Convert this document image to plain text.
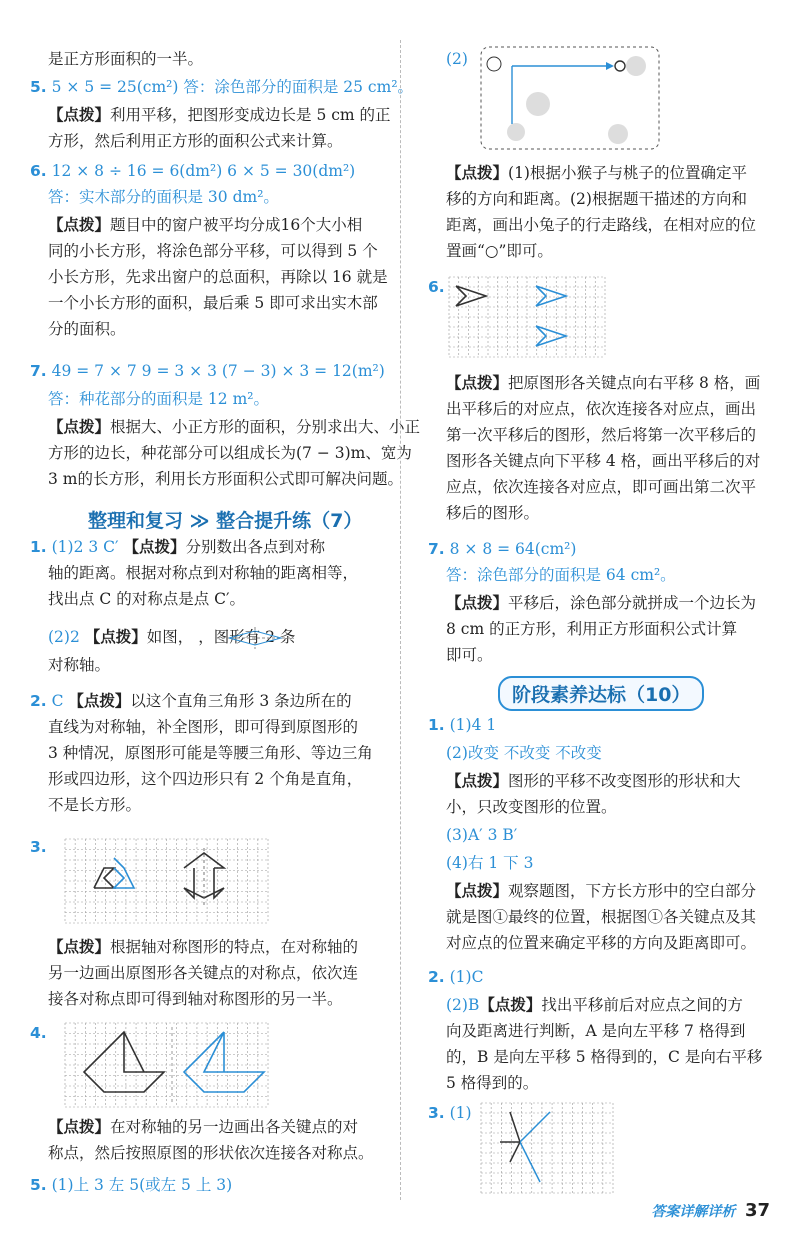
是正方形面积的一半。
5. 5 × 5 = 25(cm²) 答：涂色部分的面积是 25 cm²。
【点拨】利用平移，把图形变成边长是 5 cm 的正
方形，然后利用正方形的面积公式来计算。
6. 12 × 8 ÷ 16 = 6(dm²) 6 × 5 = 30(dm²)
答：实木部分的面积是 30 dm²。
【点拨】题目中的窗户被平均分成16个大小相
同的小长方形，将涂色部分平移，可以得到 5 个
小长方形，先求出窗户的总面积，再除以 16 就是
一个小长方形的面积，最后乘 5 即可求出实木部
分的面积。
7. 49 = 7 × 7 9 = 3 × 3 (7 − 3) × 3 = 12(m²)
答：种花部分的面积是 12 m²。
【点拨】根据大、小正方形的面积，分别求出大、小正
方形的边长，种花部分可以组成长为(7 − 3)m、宽为
3 m的长方形，利用长方形面积公式即可解决问题。
1. (1)2 3 C′ 【点拨】分别数出各点到对称
轴的距离。根据对称点到对称轴的距离相等，
找出点 C 的对称点是点 C′。
(2)2 【点拨】如图， ，图形有 2 条
对称轴。
2. C 【点拨】以这个直角三角形 3 条边所在的
直线为对称轴，补全图形，即可得到原图形的
3 种情况，原图形可能是等腰三角形、等边三角
形或四边形，这个四边形只有 2 个角是直角，
不是长方形。
3.
【点拨】根据轴对称图形的特点，在对称轴的
另一边画出原图形各关键点的对称点，依次连
接各对称点即可得到轴对称图形的另一半。
4.
【点拨】在对称轴的另一边画出各关键点的对
称点，然后按照原图的形状依次连接各对称点。
5. (1)上 3 左 5(或左 5 上 3)
(2)
【点拨】(1)根据小猴子与桃子的位置确定平
移的方向和距离。(2)根据题干描述的方向和
距离，画出小兔子的行走路线，在相对应的位
置画“○”即可。
6.
【点拨】把原图形各关键点向右平移 8 格，画
出平移后的对应点，依次连接各对应点，画出
第一次平移后的图形，然后将第一次平移后的
图形各关键点向下平移 4 格，画出平移后的对
应点，依次连接各对应点，即可画出第二次平
移后的图形。
7. 8 × 8 = 64(cm²)
答：涂色部分的面积是 64 cm²。
【点拨】平移后，涂色部分就拼成一个边长为
8 cm 的正方形，利用正方形面积公式计算
即可。
1. (1)4 1
(2)改变 不改变 不改变
【点拨】图形的平移不改变图形的形状和大
小，只改变图形的位置。
(3)A′ 3 B′
(4)右 1 下 3
【点拨】观察题图，下方长方形中的空白部分
就是图①最终的位置，根据图①各关键点及其
对应点的位置来确定平移的方向及距离即可。
2. (1)C
(2)B【点拨】找出平移前后对应点之间的方
向及距离进行判断，A 是向左平移 7 格得到
的，B 是向左平移 5 格得到的，C 是向右平移
5 格得到的。
3. (1)
整理和复习 ≫ 整合提升练（7）
阶段素养达标（10）
答案详解详析 37
